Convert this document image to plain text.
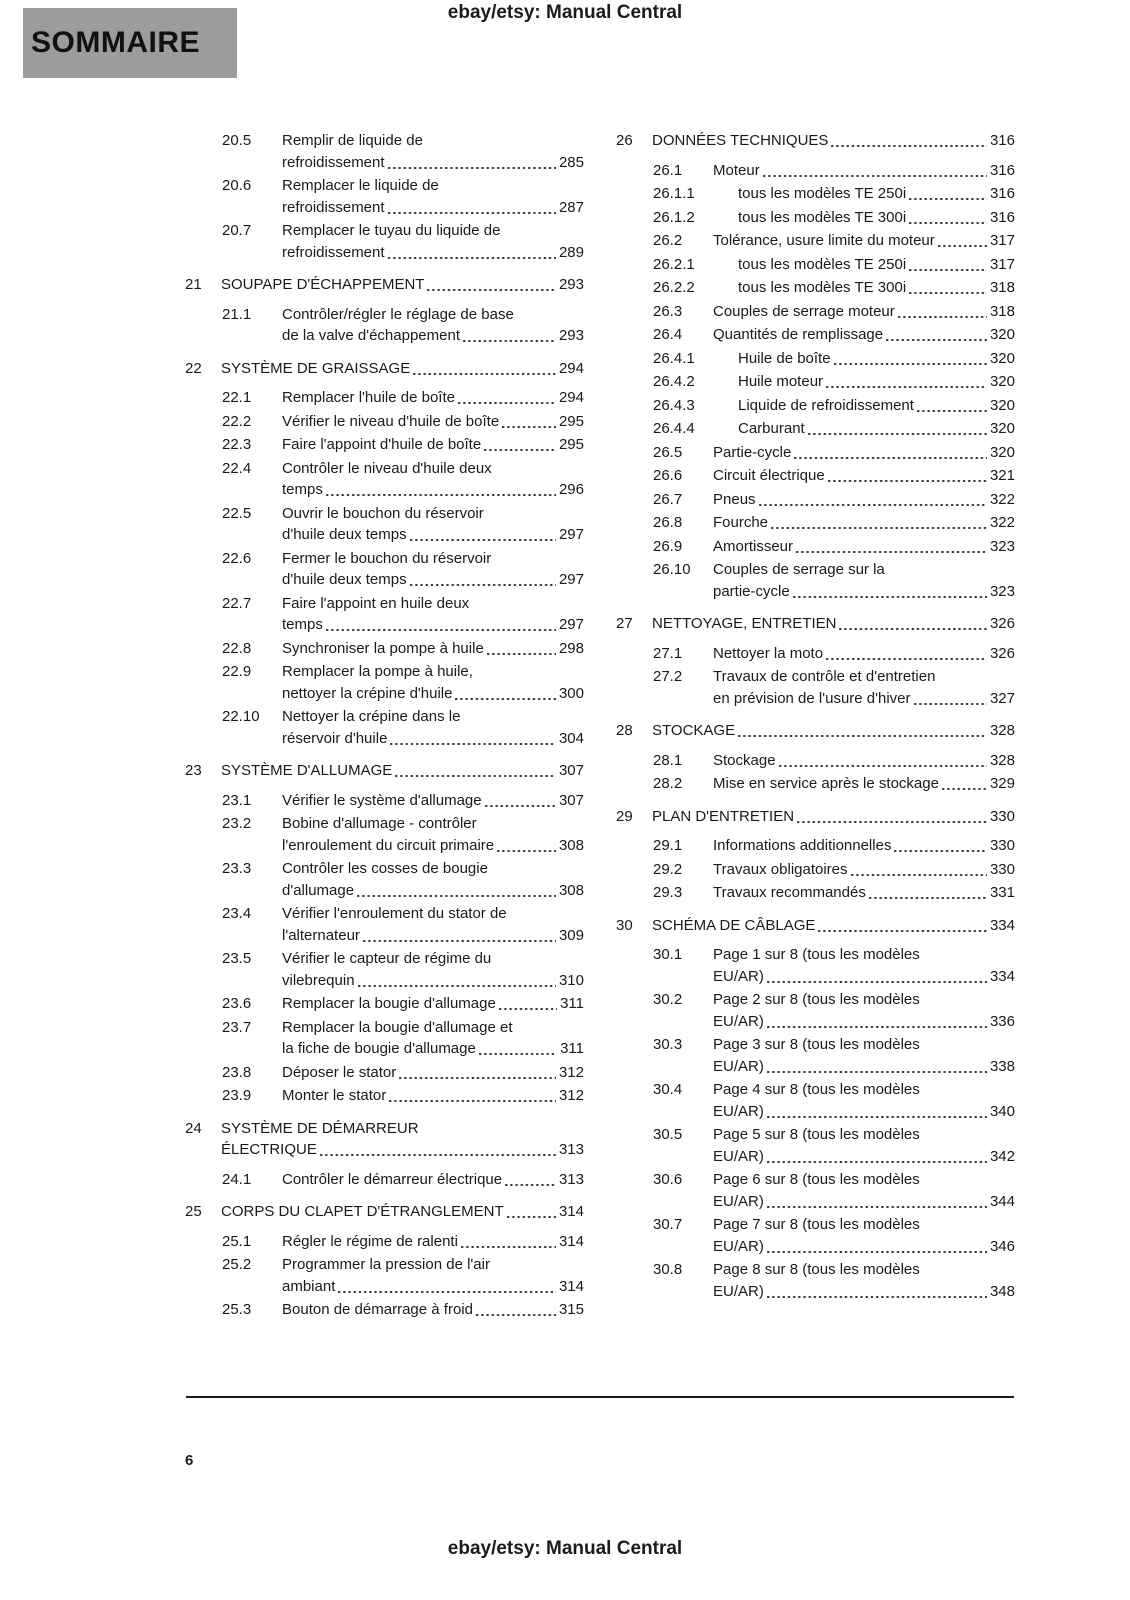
ebay/etsy: Manual Central
SOMMAIRE
20.5	Remplir de liquide de
refroidissement	285
20.6	Remplacer le liquide de
refroidissement	287
20.7	Remplacer le tuyau du liquide de
refroidissement	289
21	SOUPAPE D'ÉCHAPPEMENT	293
21.1	Contrôler/régler le réglage de base
de la valve d'échappement	293
22	SYSTÈME DE GRAISSAGE	294
22.1	Remplacer l'huile de boîte	294
22.2	Vérifier le niveau d'huile de boîte	295
22.3	Faire l'appoint d'huile de boîte	295
22.4	Contrôler le niveau d'huile deux
temps	296
22.5	Ouvrir le bouchon du réservoir
d'huile deux temps	297
22.6	Fermer le bouchon du réservoir
d'huile deux temps	297
22.7	Faire l'appoint en huile deux
temps	297
22.8	Synchroniser la pompe à huile	298
22.9	Remplacer la pompe à huile,
nettoyer la crépine d'huile	300
22.10	Nettoyer la crépine dans le
réservoir d'huile	304
23	SYSTÈME D'ALLUMAGE	307
23.1	Vérifier le système d'allumage	307
23.2	Bobine d'allumage - contrôler
l'enroulement du circuit primaire	308
23.3	Contrôler les cosses de bougie
d'allumage	308
23.4	Vérifier l'enroulement du stator de
l'alternateur	309
23.5	Vérifier le capteur de régime du
vilebrequin	310
23.6	Remplacer la bougie d'allumage	311
23.7	Remplacer la bougie d'allumage et
la fiche de bougie d'allumage	311
23.8	Déposer le stator	312
23.9	Monter le stator	312
24	SYSTÈME DE DÉMARREUR
ÉLECTRIQUE	313
24.1	Contrôler le démarreur électrique	313
25	CORPS DU CLAPET D'ÉTRANGLEMENT	314
25.1	Régler le régime de ralenti	314
25.2	Programmer la pression de l'air
ambiant	314
25.3	Bouton de démarrage à froid	315
26	DONNÉES TECHNIQUES	316
26.1	Moteur	316
26.1.1	tous les modèles TE 250i	316
26.1.2	tous les modèles TE 300i	316
26.2	Tolérance, usure limite du moteur	317
26.2.1	tous les modèles TE 250i	317
26.2.2	tous les modèles TE 300i	318
26.3	Couples de serrage moteur	318
26.4	Quantités de remplissage	320
26.4.1	Huile de boîte	320
26.4.2	Huile moteur	320
26.4.3	Liquide de refroidissement	320
26.4.4	Carburant	320
26.5	Partie-cycle	320
26.6	Circuit électrique	321
26.7	Pneus	322
26.8	Fourche	322
26.9	Amortisseur	323
26.10	Couples de serrage sur la
partie-cycle	323
27	NETTOYAGE, ENTRETIEN	326
27.1	Nettoyer la moto	326
27.2	Travaux de contrôle et d'entretien
en prévision de l'usure d'hiver	327
28	STOCKAGE	328
28.1	Stockage	328
28.2	Mise en service après le stockage	329
29	PLAN D'ENTRETIEN	330
29.1	Informations additionnelles	330
29.2	Travaux obligatoires	330
29.3	Travaux recommandés	331
30	SCHÉMA DE CÂBLAGE	334
30.1	Page 1 sur 8 (tous les modèles
EU/AR)	334
30.2	Page 2 sur 8 (tous les modèles
EU/AR)	336
30.3	Page 3 sur 8 (tous les modèles
EU/AR)	338
30.4	Page 4 sur 8 (tous les modèles
EU/AR)	340
30.5	Page 5 sur 8 (tous les modèles
EU/AR)	342
30.6	Page 6 sur 8 (tous les modèles
EU/AR)	344
30.7	Page 7 sur 8 (tous les modèles
EU/AR)	346
30.8	Page 8 sur 8 (tous les modèles
EU/AR)	348
6
ebay/etsy: Manual Central
